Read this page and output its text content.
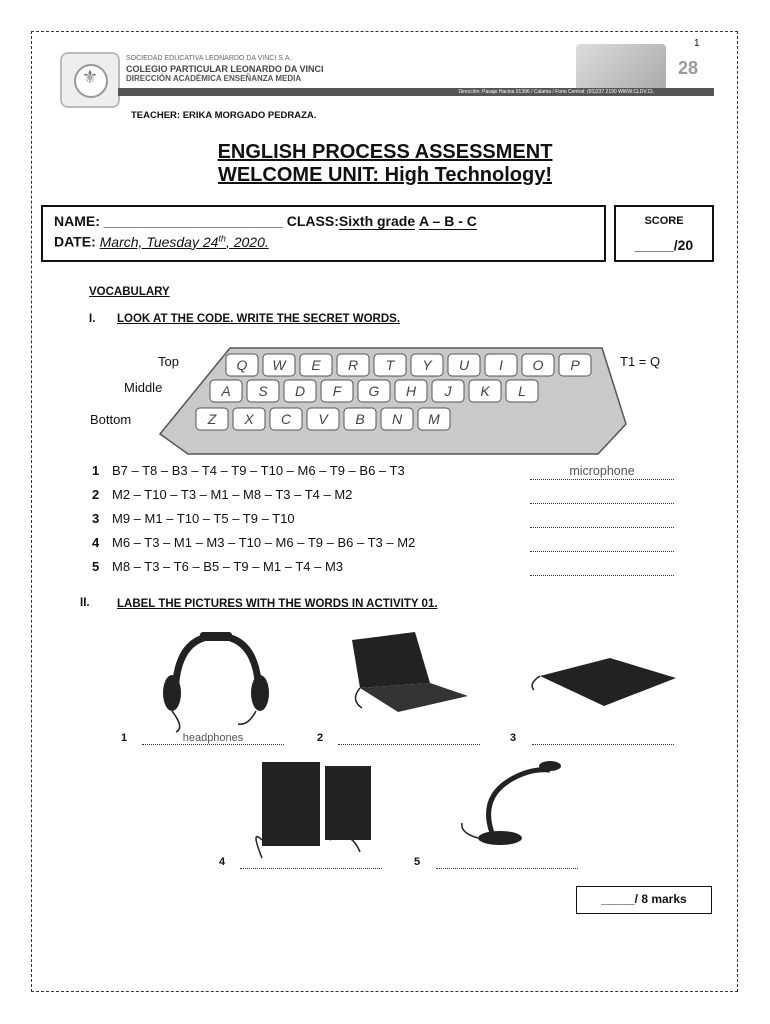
1
⚜
SOCIEDAD EDUCATIVA LEONARDO DA VINCI S.A.
COLEGIO PARTICULAR LEONARDO DA VINCI
DIRECCIÓN ACADÉMICA ENSEÑANZA MEDIA
28
Dirección: Pasaje Hacina 01396 / Calama / Fono Central: (55)237 2190 WWW.CLDV.CL
TEACHER: ERIKA MORGADO PEDRAZA.
ENGLISH PROCESS ASSESSMENT
WELCOME UNIT: High Technology!
NAME: _______________________ CLASS:Sixth grade A – B - C
DATE: March, Tuesday 24th, 2020.
SCORE
_____/20
VOCABULARY
I. LOOK AT THE CODE. WRITE THE SECRET WORDS.
Top
Middle
Bottom
Q W E R T Y U I O P
A S D F G H J K L
Z X C V B N M
T1 = Q
1 B7 – T8 – B3 – T4 – T9 – T10 – M6 – T9 – B6 – T3	microphone
2 M2 – T10 – T3 – M1 – M8 – T3 – T4 – M2
3 M9 – M1 – T10 – T5 – T9 – T10
4 M6 – T3 – M1 – M3 – T10 – M6 – T9 – B6 – T3 – M2
5 M8 – T3 – T6 – B5 – T9 – M1 – T4 – M3
II. LABEL THE PICTURES WITH THE WORDS IN ACTIVITY 01.
1	headphones	2	3
4	5
_____/ 8 marks
